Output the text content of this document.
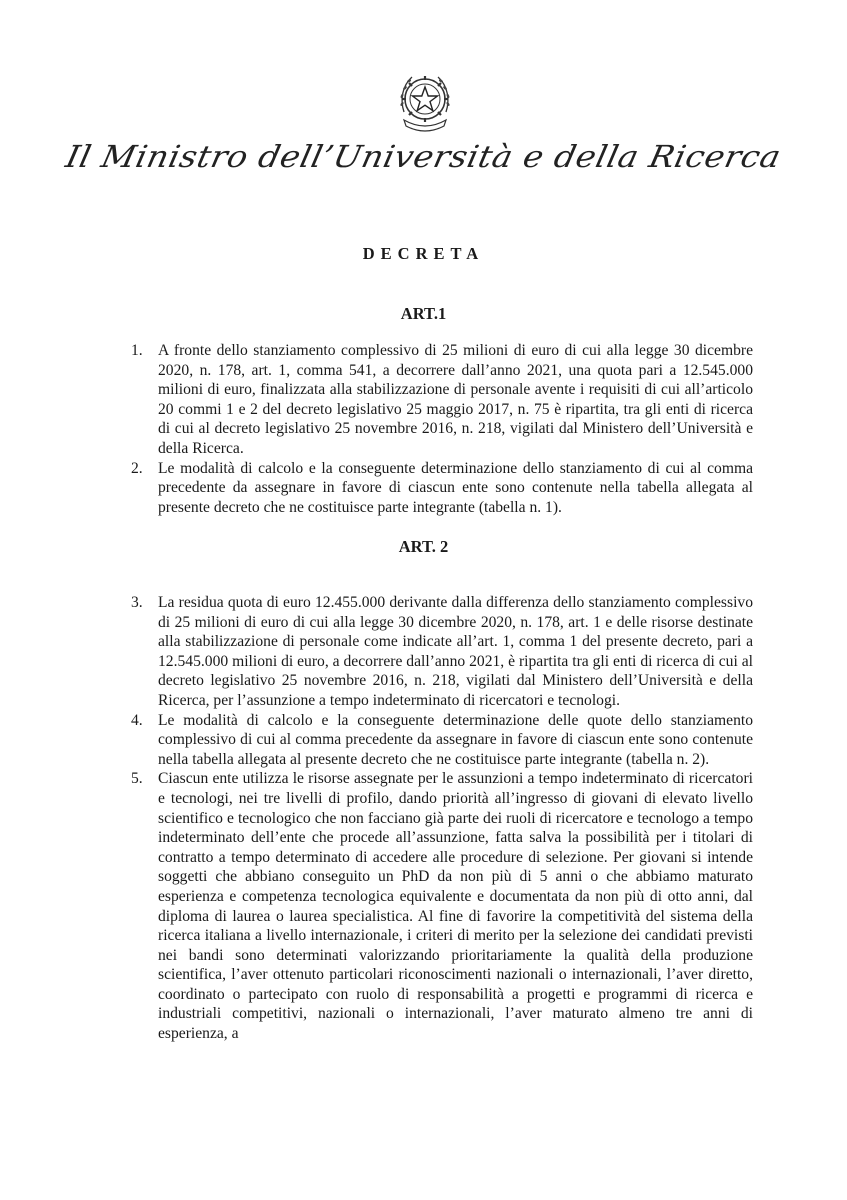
Il Ministro dell’Università e della Ricerca
DECRETA
ART.1
1. A fronte dello stanziamento complessivo di 25 milioni di euro di cui alla legge 30 dicembre 2020, n. 178, art. 1, comma 541, a decorrere dall’anno 2021, una quota pari a 12.545.000 milioni di euro, finalizzata alla stabilizzazione di personale avente i requisiti di cui all’articolo 20 commi 1 e 2 del decreto legislativo 25 maggio 2017, n. 75 è ripartita, tra gli enti di ricerca di cui al decreto legislativo 25 novembre 2016, n. 218, vigilati dal Ministero dell’Università e della Ricerca.
2. Le modalità di calcolo e la conseguente determinazione dello stanziamento di cui al comma precedente da assegnare in favore di ciascun ente sono contenute nella tabella allegata al presente decreto che ne costituisce parte integrante (tabella n. 1).
ART. 2
3. La residua quota di euro 12.455.000 derivante dalla differenza dello stanziamento complessivo di 25 milioni di euro di cui alla legge 30 dicembre 2020, n. 178, art. 1 e delle risorse destinate alla stabilizzazione di personale come indicate all’art. 1, comma 1 del presente decreto, pari a 12.545.000 milioni di euro, a decorrere dall’anno 2021, è ripartita tra gli enti di ricerca di cui al decreto legislativo 25 novembre 2016, n. 218, vigilati dal Ministero dell’Università e della Ricerca, per l’assunzione a tempo indeterminato di ricercatori e tecnologi.
4. Le modalità di calcolo e la conseguente determinazione delle quote dello stanziamento complessivo di cui al comma precedente da assegnare in favore di ciascun ente sono contenute nella tabella allegata al presente decreto che ne costituisce parte integrante (tabella n. 2).
5. Ciascun ente utilizza le risorse assegnate per le assunzioni a tempo indeterminato di ricercatori e tecnologi, nei tre livelli di profilo, dando priorità all’ingresso di giovani di elevato livello scientifico e tecnologico che non facciano già parte dei ruoli di ricercatore e tecnologo a tempo indeterminato dell’ente che procede all’assunzione, fatta salva la possibilità per i titolari di contratto a tempo determinato di accedere alle procedure di selezione. Per giovani si intende soggetti che abbiano conseguito un PhD da non più di 5 anni o che abbiamo maturato esperienza e competenza tecnologica equivalente e documentata da non più di otto anni, dal diploma di laurea o laurea specialistica. Al fine di favorire la competitività del sistema della ricerca italiana a livello internazionale, i criteri di merito per la selezione dei candidati previsti nei bandi sono determinati valorizzando prioritariamente la qualità della produzione scientifica, l’aver ottenuto particolari riconoscimenti nazionali o internazionali, l’aver diretto, coordinato o partecipato con ruolo di responsabilità a progetti e programmi di ricerca e industriali competitivi, nazionali o internazionali, l’aver maturato almeno tre anni di esperienza, a
